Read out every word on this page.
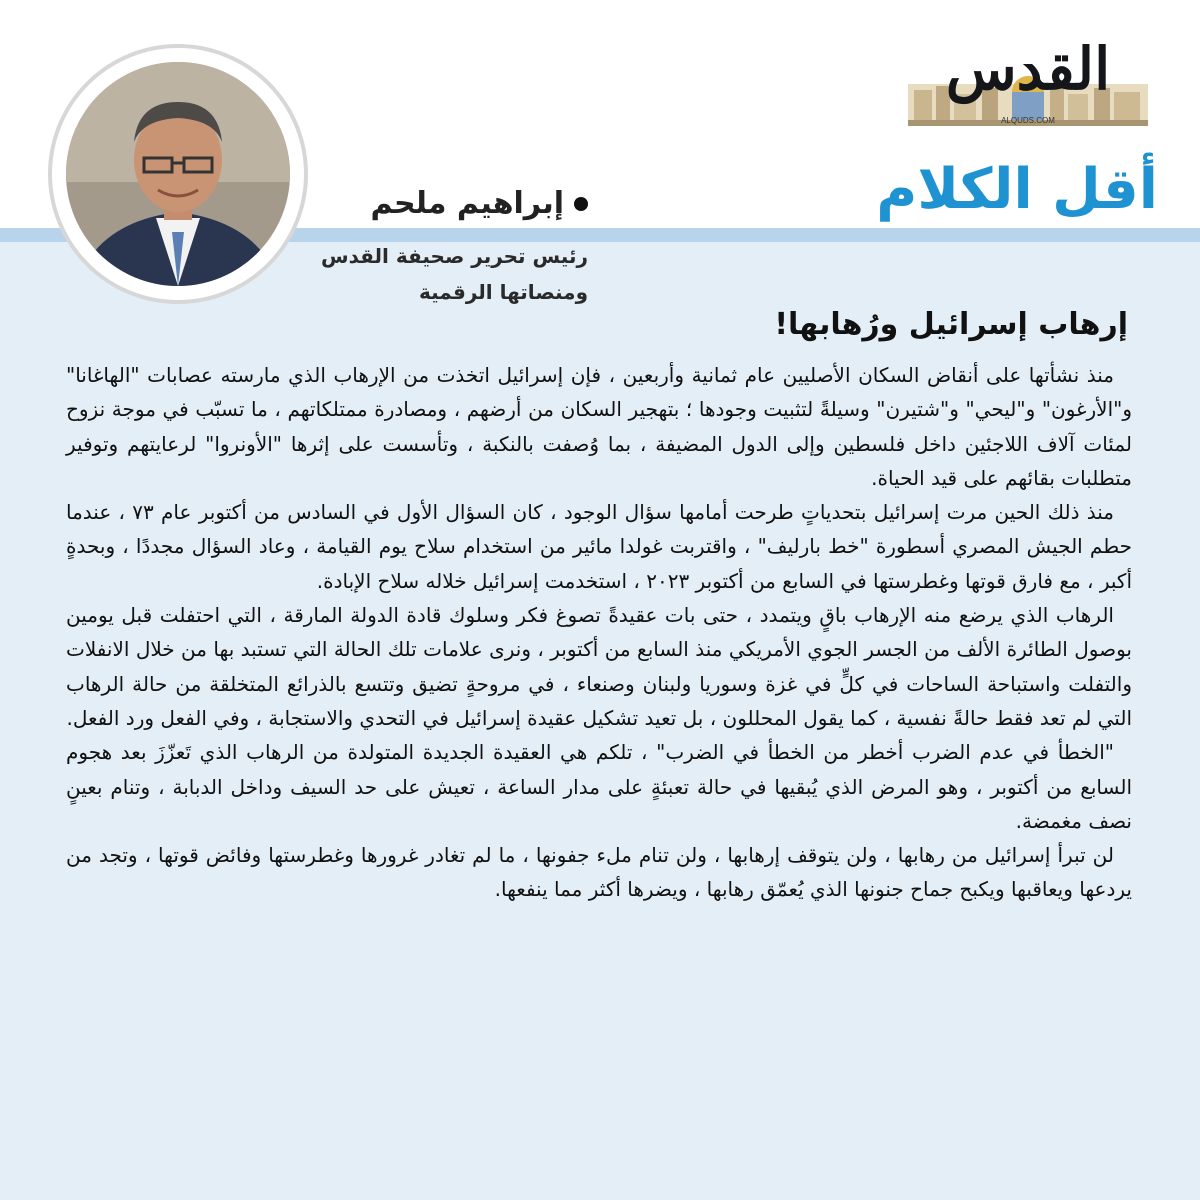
القدس
ALQUDS.COM
أقل الكلام
إبراهيم ملحم
رئيس تحرير صحيفة القدس
ومنصاتها الرقمية
إرهاب إسرائيل ورُهابها!

منذ نشأتها على أنقاض السكان الأصليين عام ثمانية وأربعين ، فإن إسرائيل اتخذت من الإرهاب الذي مارسته عصابات "الهاغانا" و"الأرغون" و"ليحي" و"شتيرن" وسيلةً لتثبيت وجودها ؛ بتهجير السكان من أرضهم ، ومصادرة ممتلكاتهم ، ما تسبّب في موجة نزوح لمئات آلاف اللاجئين داخل فلسطين وإلى الدول المضيفة ، بما وُصفت بالنكبة ، وتأسست على إثرها "الأونروا" لرعايتهم وتوفير متطلبات بقائهم على قيد الحياة.

منذ ذلك الحين مرت إسرائيل بتحدياتٍ طرحت أمامها سؤال الوجود ، كان السؤال الأول في السادس من أكتوبر عام ٧٣ ، عندما حطم الجيش المصري أسطورة "خط بارليف" ، واقتربت غولدا مائير من استخدام سلاح يوم القيامة ، وعاد السؤال مجددًا ، وبحدةٍ أكبر ، مع فارق قوتها وغطرستها في السابع من أكتوبر ٢٠٢٣ ، استخدمت إسرائيل خلاله سلاح الإبادة.

الرهاب الذي يرضع منه الإرهاب باقٍ ويتمدد ، حتى بات عقيدةً تصوغ فكر وسلوك قادة الدولة المارقة ، التي احتفلت قبل يومين بوصول الطائرة الألف من الجسر الجوي الأمريكي منذ السابع من أكتوبر ، ونرى علامات تلك الحالة التي تستبد بها من خلال الانفلات والتفلت واستباحة الساحات في كلٍّ في غزة وسوريا ولبنان وصنعاء ، في مروحةٍ تضيق وتتسع بالذرائع المتخلقة من حالة الرهاب التي لم تعد فقط حالةً نفسية ، كما يقول المحللون ، بل تعيد تشكيل عقيدة إسرائيل في التحدي والاستجابة ، وفي الفعل ورد الفعل.

"الخطأ في عدم الضرب أخطر من الخطأ في الضرب" ، تلكم هي العقيدة الجديدة المتولدة من الرهاب الذي تَعزّزَ بعد هجوم السابع من أكتوبر ، وهو المرض الذي يُبقيها في حالة تعبئةٍ على مدار الساعة ، تعيش على حد السيف وداخل الدبابة ، وتنام بعينٍ نصف مغمضة.

لن تبرأ إسرائيل من رهابها ، ولن يتوقف إرهابها ، ولن تنام ملء جفونها ، ما لم تغادر غرورها وغطرستها وفائض قوتها ، وتجد من يردعها ويعاقبها ويكبح جماح جنونها الذي يُعمّق رهابها ، ويضرها أكثر مما ينفعها.
